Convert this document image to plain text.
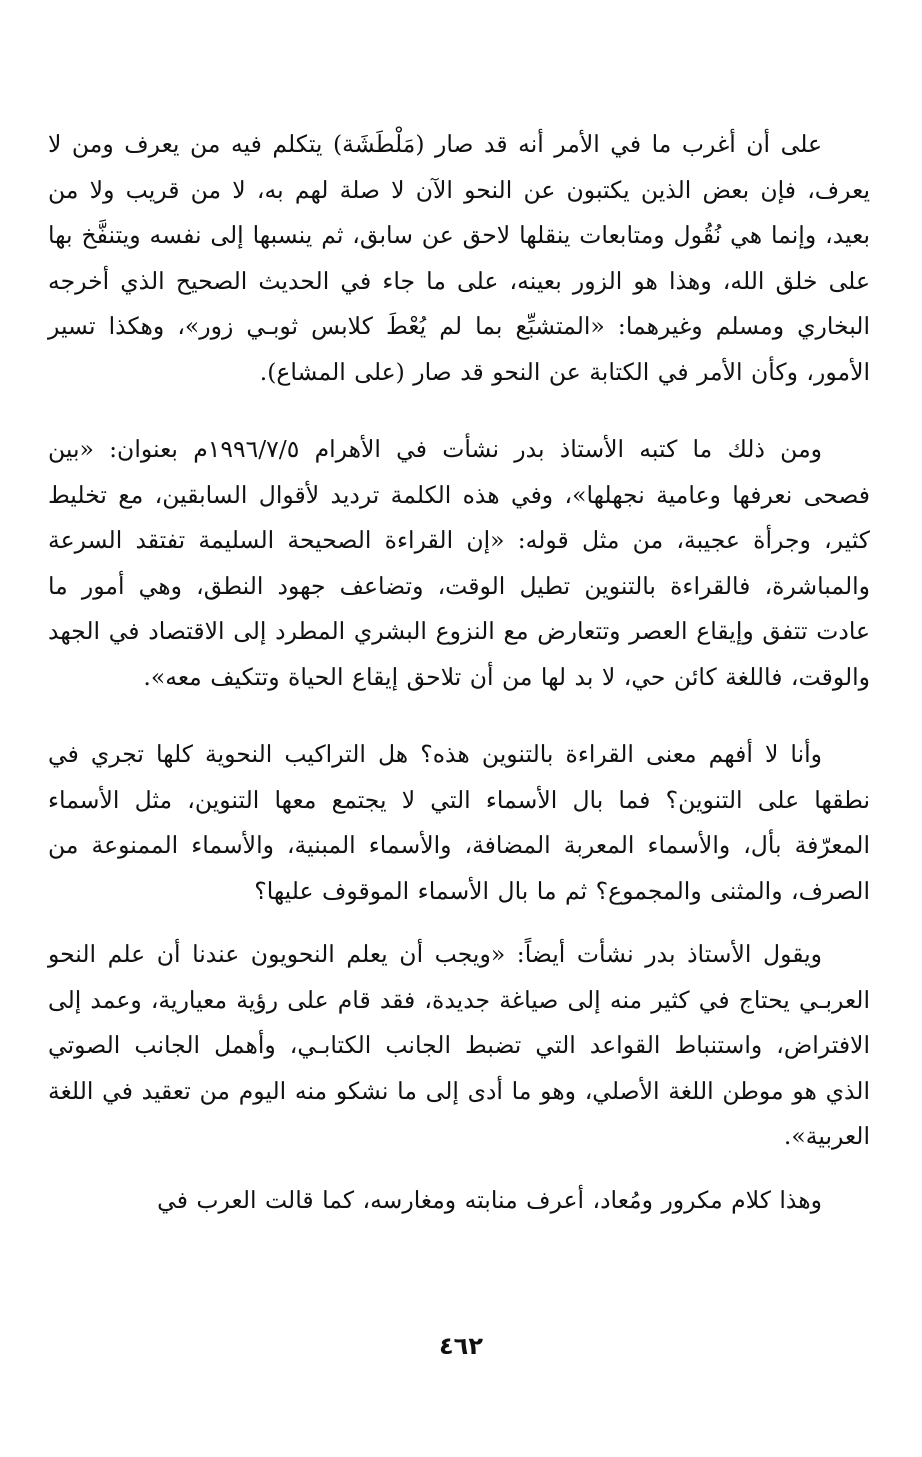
على أن أغرب ما في الأمر أنه قد صار (مَلْطَشَة) يتكلم فيه من يعرف ومن لا يعرف، فإن بعض الذين يكتبون عن النحو الآن لا صلة لهم به، لا من قريب ولا من بعيد، وإنما هي نُقُول ومتابعات ينقلها لاحق عن سابق، ثم ينسبها إلى نفسه ويتنفَّخ بها على خلق الله، وهذا هو الزور بعينه، على ما جاء في الحديث الصحيح الذي أخرجه البخاري ومسلم وغيرهما: «المتشبِّع بما لم يُعْطَ كلابس ثوبـي زور»، وهكذا تسير الأمور، وكأن الأمر في الكتابة عن النحو قد صار (على المشاع).

ومن ذلك ما كتبه الأستاذ بدر نشأت في الأهرام ١٩٩٦/٧/٥م بعنوان: «بين فصحى نعرفها وعامية نجهلها»، وفي هذه الكلمة ترديد لأقوال السابقين، مع تخليط كثير، وجرأة عجيبة، من مثل قوله: «إن القراءة الصحيحة السليمة تفتقد السرعة والمباشرة، فالقراءة بالتنوين تطيل الوقت، وتضاعف جهود النطق، وهي أمور ما عادت تتفق وإيقاع العصر وتتعارض مع النزوع البشري المطرد إلى الاقتصاد في الجهد والوقت، فاللغة كائن حي، لا بد لها من أن تلاحق إيقاع الحياة وتتكيف معه».

وأنا لا أفهم معنى القراءة بالتنوين هذه؟ هل التراكيب النحوية كلها تجري في نطقها على التنوين؟ فما بال الأسماء التي لا يجتمع معها التنوين، مثل الأسماء المعرّفة بأل، والأسماء المعربة المضافة، والأسماء المبنية، والأسماء الممنوعة من الصرف، والمثنى والمجموع؟ ثم ما بال الأسماء الموقوف عليها؟

ويقول الأستاذ بدر نشأت أيضاً: «ويجب أن يعلم النحويون عندنا أن علم النحو العربـي يحتاج في كثير منه إلى صياغة جديدة، فقد قام على رؤية معيارية، وعمد إلى الافتراض، واستنباط القواعد التي تضبط الجانب الكتابـي، وأهمل الجانب الصوتي الذي هو موطن اللغة الأصلي، وهو ما أدى إلى ما نشكو منه اليوم من تعقيد في اللغة العربية».

وهذا كلام مكرور ومُعاد، أعرف منابته ومغارسه، كما قالت العرب في

٤٦٢
